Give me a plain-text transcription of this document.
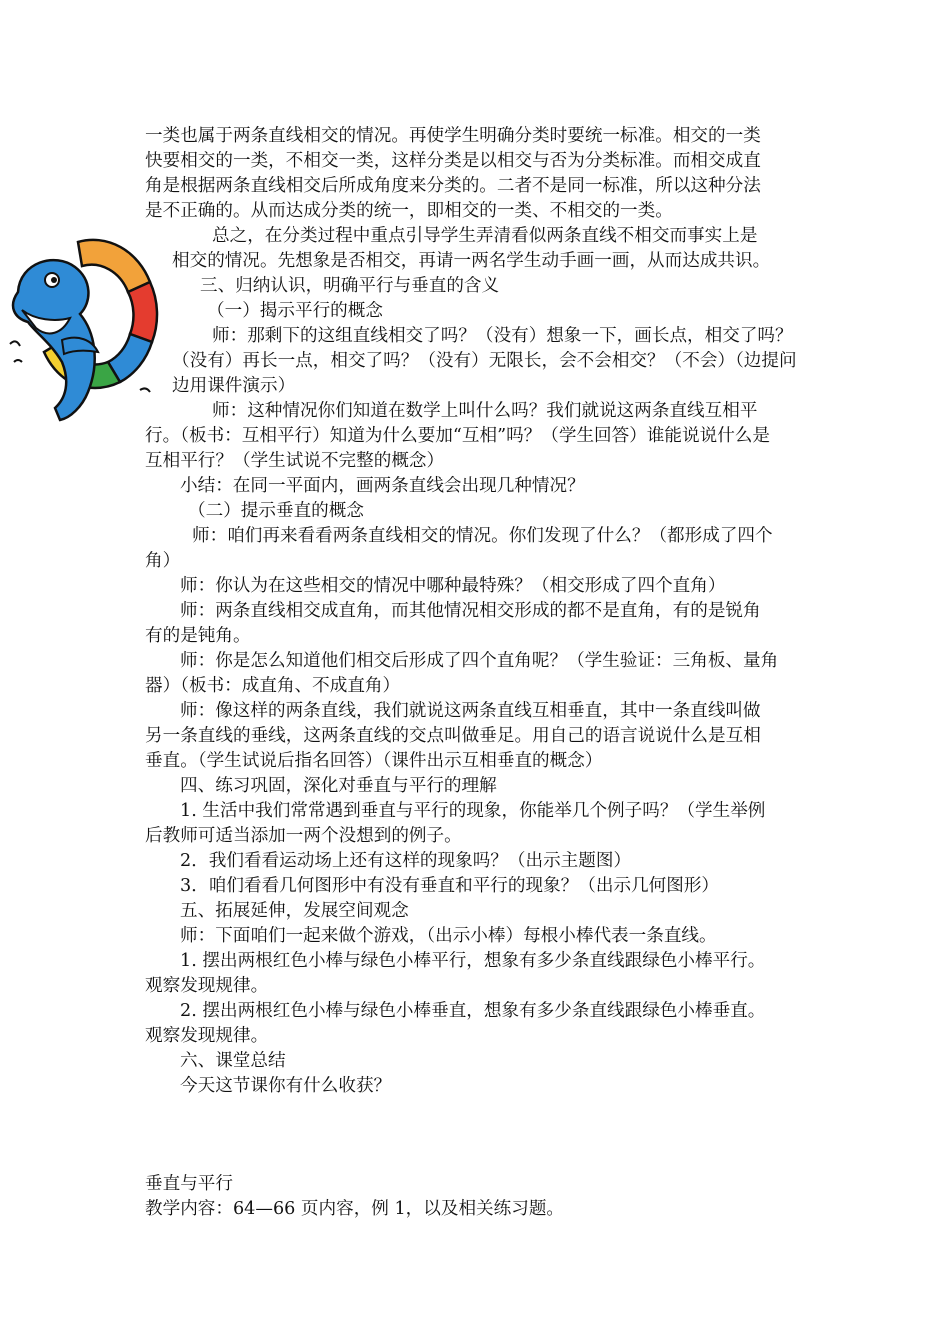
一类也属于两条直线相交的情况。再使学生明确分类时要统一标准。相交的一类
快要相交的一类，不相交一类，这样分类是以相交与否为分类标准。而相交成直
角是根据两条直线相交后所成角度来分类的。二者不是同一标准，所以这种分法
是不正确的。从而达成分类的统一，即相交的一类、不相交的一类。
总之，在分类过程中重点引导学生弄清看似两条直线不相交而事实上是
相交的情况。先想象是否相交，再请一两名学生动手画一画，从而达成共识。
三、归纳认识，明确平行与垂直的含义
（一）揭示平行的概念
师：那剩下的这组直线相交了吗？（没有）想象一下，画长点，相交了吗？
（没有）再长一点，相交了吗？（没有）无限长，会不会相交？（不会）（边提问
边用课件演示）
师：这种情况你们知道在数学上叫什么吗？我们就说这两条直线互相平
行。（板书：互相平行）知道为什么要加“互相”吗？（学生回答）谁能说说什么是
互相平行？（学生试说不完整的概念）
小结：在同一平面内，画两条直线会出现几种情况？
（二）提示垂直的概念
师：咱们再来看看两条直线相交的情况。你们发现了什么？（都形成了四个
角）
师：你认为在这些相交的情况中哪种最特殊？（相交形成了四个直角）
师：两条直线相交成直角，而其他情况相交形成的都不是直角，有的是锐角
有的是钝角。
师：你是怎么知道他们相交后形成了四个直角呢？（学生验证：三角板、量角
器）（板书：成直角、不成直角）
师：像这样的两条直线，我们就说这两条直线互相垂直，其中一条直线叫做
另一条直线的垂线，这两条直线的交点叫做垂足。用自己的语言说说什么是互相
垂直。（学生试说后指名回答）（课件出示互相垂直的概念）
四、练习巩固，深化对垂直与平行的理解
1. 生活中我们常常遇到垂直与平行的现象，你能举几个例子吗？（学生举例
后教师可适当添加一两个没想到的例子。
2．我们看看运动场上还有这样的现象吗？（出示主题图）
3．咱们看看几何图形中有没有垂直和平行的现象？（出示几何图形）
五、拓展延伸，发展空间观念
师：下面咱们一起来做个游戏，（出示小棒）每根小棒代表一条直线。
1. 摆出两根红色小棒与绿色小棒平行，想象有多少条直线跟绿色小棒平行。
观察发现规律。
2. 摆出两根红色小棒与绿色小棒垂直，想象有多少条直线跟绿色小棒垂直。
观察发现规律。
六、课堂总结
今天这节课你有什么收获？
垂直与平行
教学内容：64—66 页内容，例 1，以及相关练习题。
